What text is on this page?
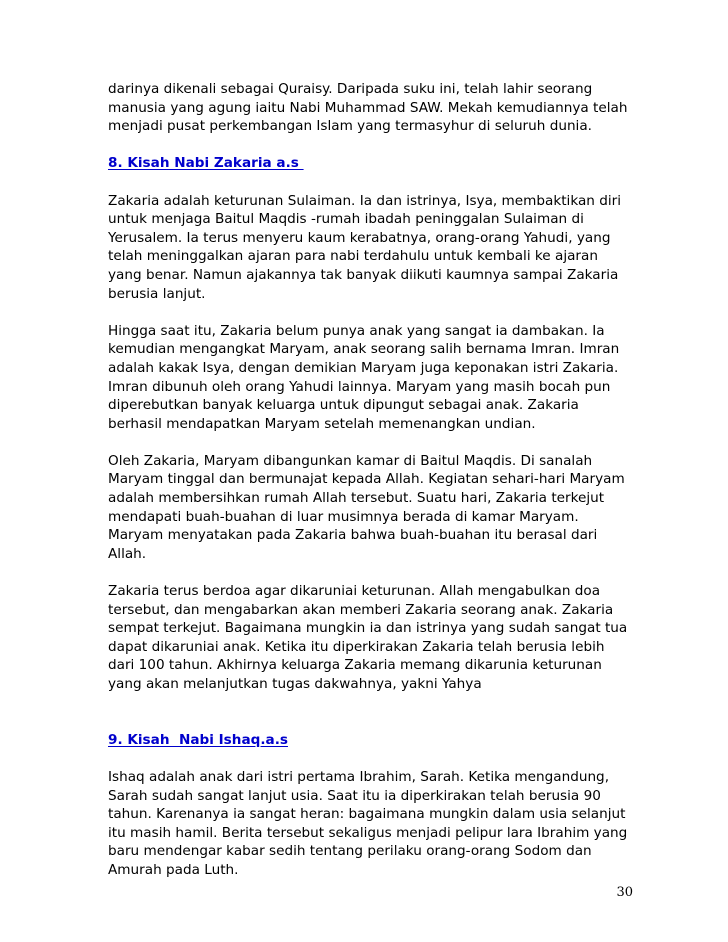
darinya dikenali sebagai Quraisy. Daripada suku ini, telah lahir seorang manusia yang agung iaitu Nabi Muhammad SAW. Mekah kemudiannya telah menjadi pusat perkembangan Islam yang termasyhur di seluruh dunia.

8. Kisah Nabi Zakaria a.s

Zakaria adalah keturunan Sulaiman. Ia dan istrinya, Isya, membaktikan diri untuk menjaga Baitul Maqdis -rumah ibadah peninggalan Sulaiman di Yerusalem. Ia terus menyeru kaum kerabatnya, orang-orang Yahudi, yang telah meninggalkan ajaran para nabi terdahulu untuk kembali ke ajaran yang benar. Namun ajakannya tak banyak diikuti kaumnya sampai Zakaria berusia lanjut.

Hingga saat itu, Zakaria belum punya anak yang sangat ia dambakan. Ia kemudian mengangkat Maryam, anak seorang salih bernama Imran. Imran adalah kakak Isya, dengan demikian Maryam juga keponakan istri Zakaria. Imran dibunuh oleh orang Yahudi lainnya. Maryam yang masih bocah pun diperebutkan banyak keluarga untuk dipungut sebagai anak. Zakaria berhasil mendapatkan Maryam setelah memenangkan undian.

Oleh Zakaria, Maryam dibangunkan kamar di Baitul Maqdis. Di sanalah Maryam tinggal dan bermunajat kepada Allah. Kegiatan sehari-hari Maryam adalah membersihkan rumah Allah tersebut. Suatu hari, Zakaria terkejut mendapati buah-buahan di luar musimnya berada di kamar Maryam. Maryam menyatakan pada Zakaria bahwa buah-buahan itu berasal dari Allah.

Zakaria terus berdoa agar dikaruniai keturunan. Allah mengabulkan doa tersebut, dan mengabarkan akan memberi Zakaria seorang anak. Zakaria sempat terkejut. Bagaimana mungkin ia dan istrinya yang sudah sangat tua dapat dikaruniai anak. Ketika itu diperkirakan Zakaria telah berusia lebih dari 100 tahun. Akhirnya keluarga Zakaria memang dikarunia keturunan yang akan melanjutkan tugas dakwahnya, yakni Yahya

9. Kisah  Nabi Ishaq.a.s

Ishaq adalah anak dari istri pertama Ibrahim, Sarah. Ketika mengandung, Sarah sudah sangat lanjut usia. Saat itu ia diperkirakan telah berusia 90 tahun. Karenanya ia sangat heran: bagaimana mungkin dalam usia selanjut itu masih hamil. Berita tersebut sekaligus menjadi pelipur lara Ibrahim yang baru mendengar kabar sedih tentang perilaku orang-orang Sodom dan Amurah pada Luth.

30
